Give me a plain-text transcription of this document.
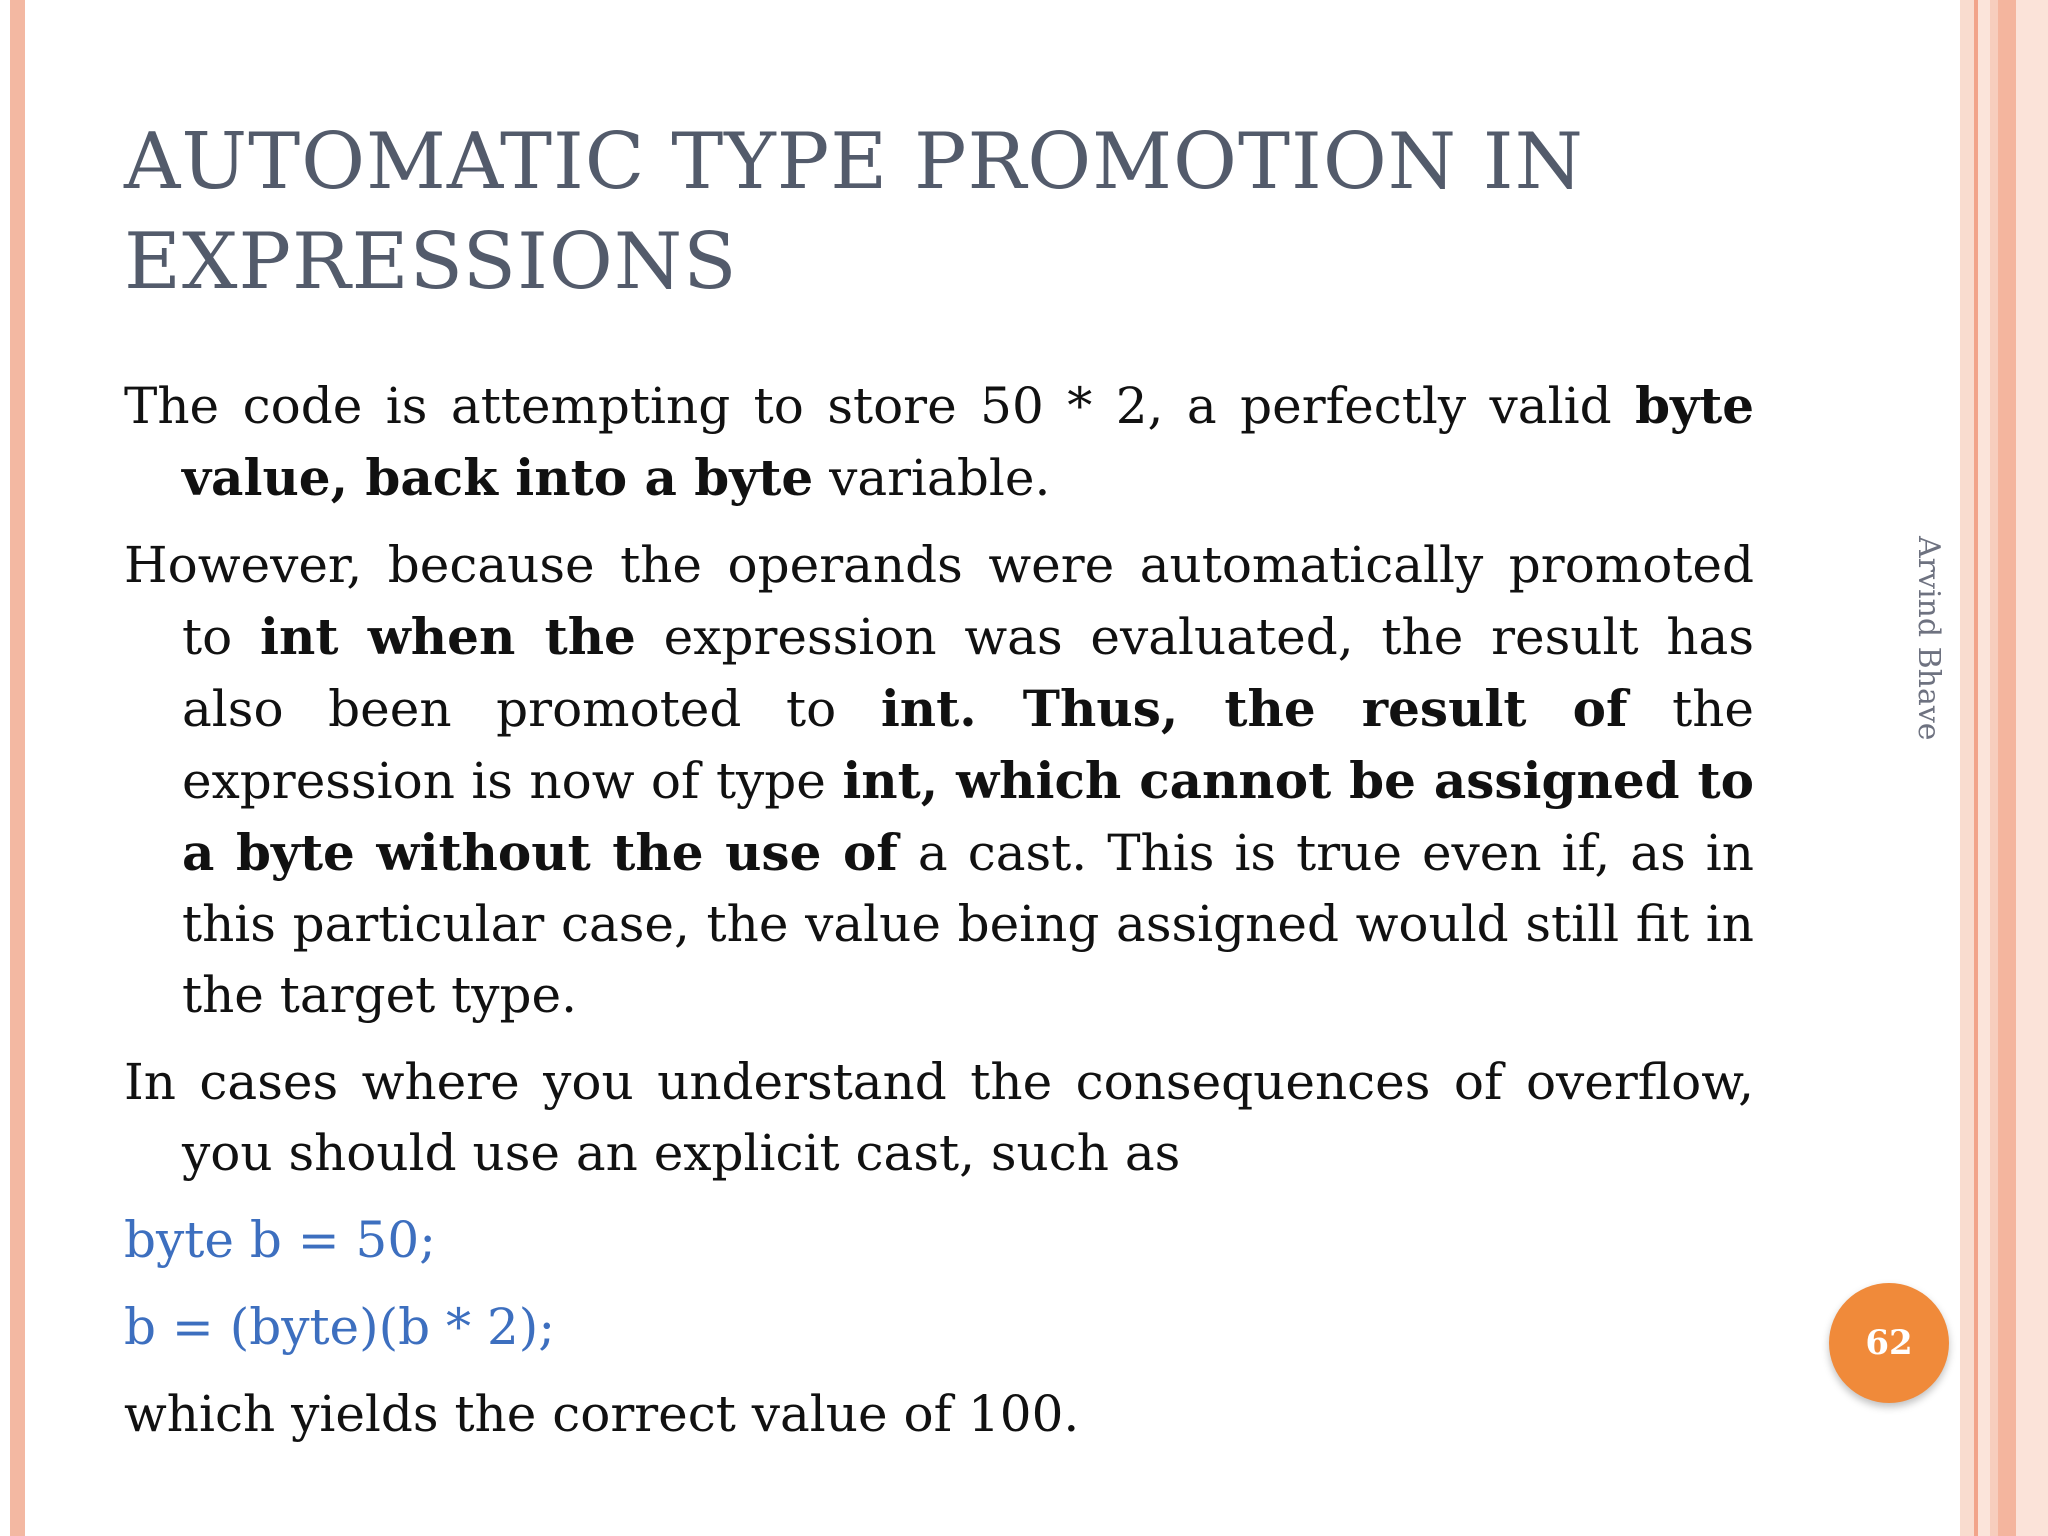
AUTOMATIC TYPE PROMOTION IN
EXPRESSIONS

The code is attempting to store 50 * 2, a perfectly valid byte value, back into a byte variable.

However, because the operands were automatically promoted to int when the expression was evaluated, the result has also been promoted to int. Thus, the result of the expression is now of type int, which cannot be assigned to a byte without the use of a cast. This is true even if, as in this particular case, the value being assigned would still fit in the target type.

In cases where you understand the consequences of overflow, you should use an explicit cast, such as

byte b = 50;

b = (byte)(b * 2);

which yields the correct value of 100.

Arvind Bhave
62
